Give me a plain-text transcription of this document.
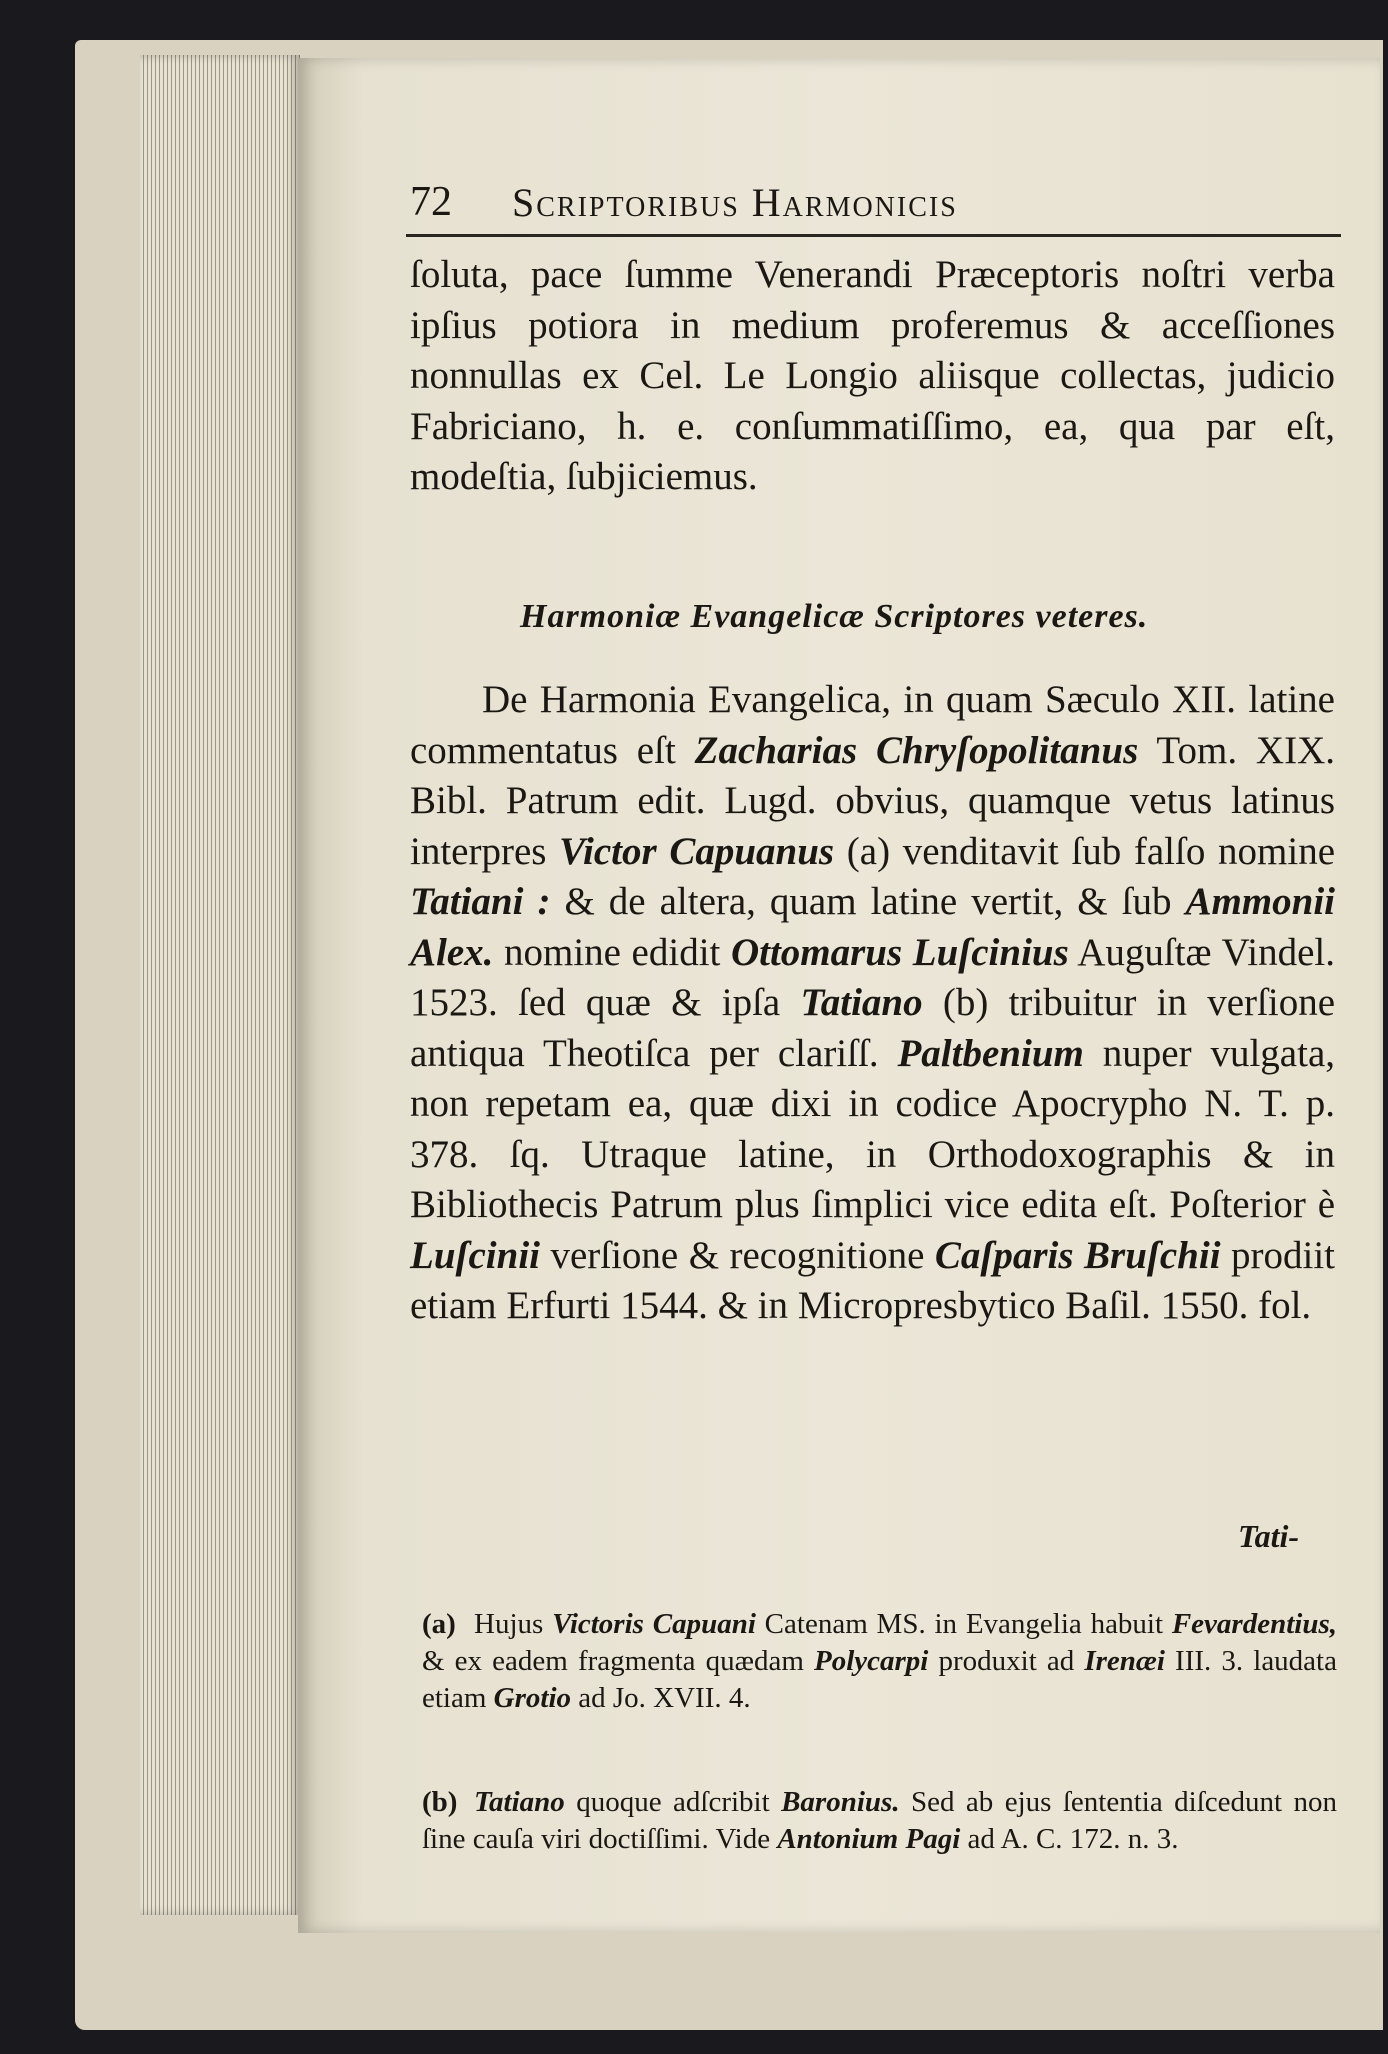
72 Scriptoribus Harmonicis

ſoluta, pace ſumme Venerandi Præceptoris noſtri verba ipſius potiora in medium proferemus & acceſſiones nonnullas ex Cel. Le Longio aliisque collectas, judicio Fabriciano, h. e. conſummatiſſimo, ea, qua par eſt, modeſtia, ſubjiciemus.

Harmoniæ Evangelicæ Scriptores veteres.

De Harmonia Evangelica, in quam Sæculo XII. latine commentatus eſt Zacharias Chryſopolitanus Tom. XIX. Bibl. Patrum edit. Lugd. obvius, quamque vetus latinus interpres Victor Capuanus (a) venditavit ſub falſo nomine Tatiani : & de altera, quam latine vertit, & ſub Ammonii Alex. nomine edidit Ottomarus Luſcinius Auguſtæ Vindel. 1523. ſed quæ & ipſa Tatiano (b) tribuitur in verſione antiqua Theotiſca per clariſſ. Paltbenium nuper vulgata, non repetam ea, quæ dixi in codice Apocrypho N. T. p. 378. ſq. Utraque latine, in Orthodoxographis & in Bibliothecis Patrum plus ſimplici vice edita eſt. Poſterior è Luſcinii verſione & recognitione Caſparis Bruſchii prodiit etiam Erfurti 1544. & in Micropresbytico Baſil. 1550. fol.

Tati-
(a) Hujus Victoris Capuani Catenam MS. in Evangelia habuit Fevardentius, & ex eadem fragmenta quædam Polycarpi produxit ad Irenæi III. 3. laudata etiam Grotio ad Jo. XVII. 4.
(b) Tatiano quoque adſcribit Baronius. Sed ab ejus ſententia diſcedunt non ſine cauſa viri doctiſſimi. Vide Antonium Pagi ad A. C. 172. n. 3.
